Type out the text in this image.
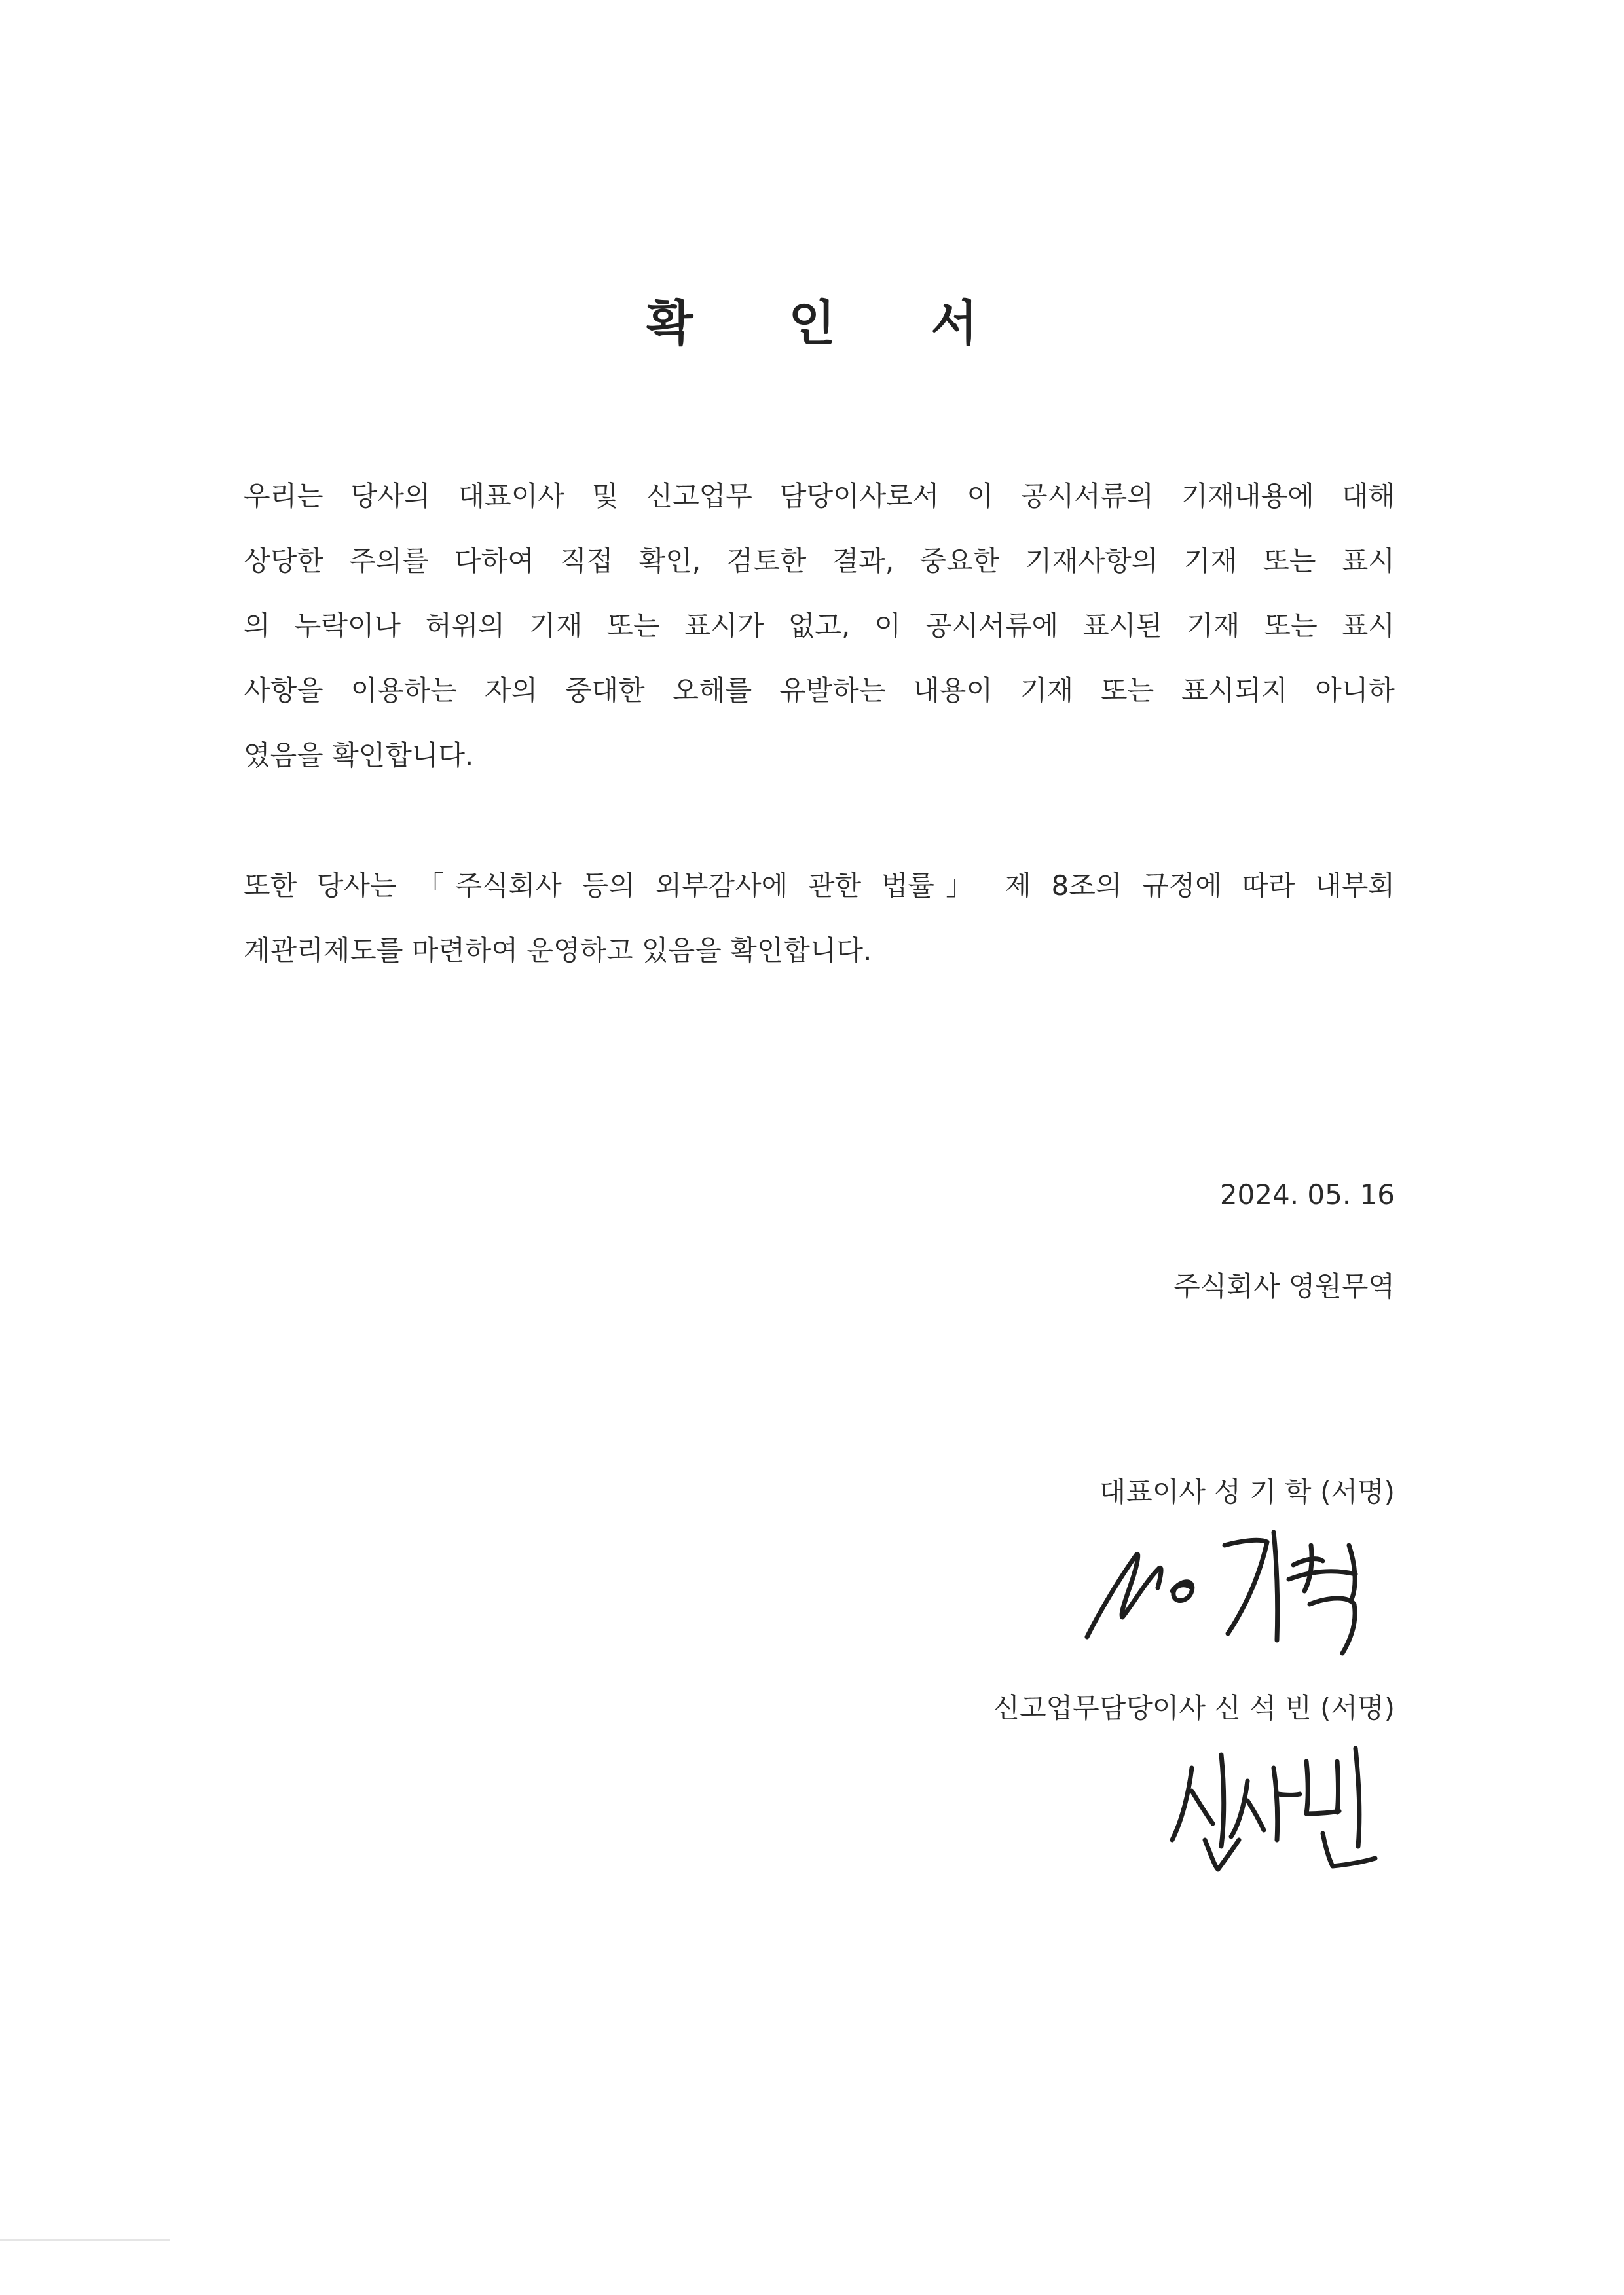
확 인 서
우리는 당사의 대표이사 및 신고업무 담당이사로서 이 공시서류의 기재내용에 대해
상당한 주의를 다하여 직접 확인, 검토한 결과, 중요한 기재사항의 기재 또는 표시
의 누락이나 허위의 기재 또는 표시가 없고, 이 공시서류에 표시된 기재 또는 표시
사항을 이용하는 자의 중대한 오해를 유발하는 내용이 기재 또는 표시되지 아니하
였음을 확인합니다.
또한 당사는 「주식회사 등의 외부감사에 관한 법률」 제 8조의 규정에 따라 내부회
계관리제도를 마련하여 운영하고 있음을 확인합니다.
2024. 05. 16
주식회사 영원무역
대표이사 성 기 학 (서명)
신고업무담당이사 신 석 빈 (서명)
